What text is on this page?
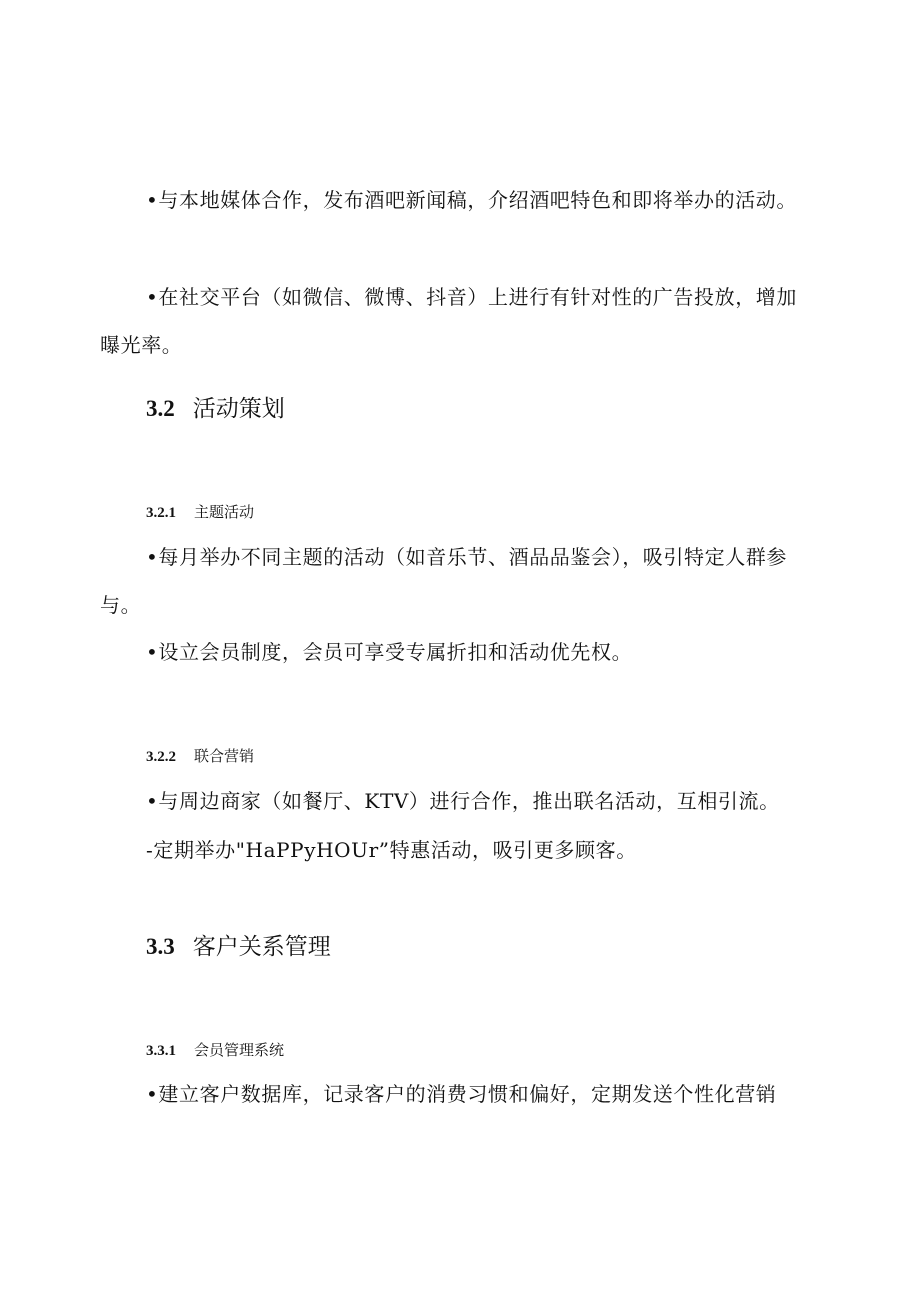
•与本地媒体合作，发布酒吧新闻稿，介绍酒吧特色和即将举办的活动。

•在社交平台（如微信、微博、抖音）上进行有针对性的广告投放，增加曝光率。

3.2 活动策划
3.2.1 主题活动

•每月举办不同主题的活动（如音乐节、酒品品鉴会），吸引特定人群参与。

•设立会员制度，会员可享受专属折扣和活动优先权。

3.2.2 联合营销

•与周边商家（如餐厅、KTV）进行合作，推出联名活动，互相引流。

-定期举办"HaPPyHOUr”特惠活动，吸引更多顾客。

3.3 客户关系管理
3.3.1 会员管理系统

•建立客户数据库，记录客户的消费习惯和偏好，定期发送个性化营销
